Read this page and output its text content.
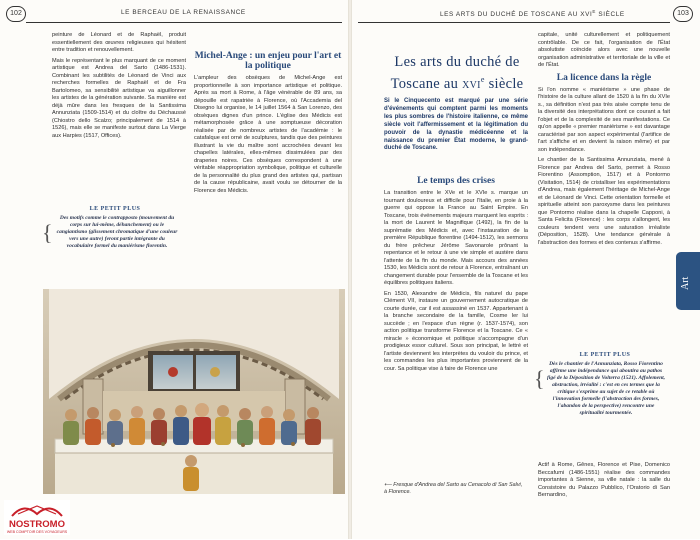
102	LE BERCEAU DE LA RENAISSANCE	103
LES ARTS DU DUCHÉ DE TOSCANE AU $XVI^E$ SIÈCLE

peinture de Léonard et de Raphaël, produit essentiellement des œuvres religieuses qui hésitent entre tradition et renouvellement.

Mais le représentant le plus marquant de ce moment artistique est Andrea del Sarto (1486-1531). Combinant les subtilités de Léonard de Vinci aux recherches formelles de Raphaël et de Fra Bartolomeo, sa sensibilité artistique va aiguillonner les artistes de la génération suivante. Sa manière est déjà mûre dans les fresques de la Santissima Annunziata (1509-1514) et du cloître du Déchaussé (Chiostro dello Scalzo; principalement de 1514 à 1526), mais elle se manifeste surtout dans La Vierge aux Harpies (1517, Offices).

LE PETIT PLUS
{
Des motifs comme le contrapposto (mouvement du corps sur lui-même, déhanchement) ou le cangiantismo (glissement chromatique d'une couleur vers une autre) feront partie intégrante du vocabulaire formel du maniérisme florentin.
Michel-Ange : un enjeu pour l'art et la politique

L'ampleur des obsèques de Michel-Ange est proportionnelle à son importance artistique et politique. Après sa mort à Rome, à l'âge vénérable de 89 ans, sa dépouille est rapatriée à Florence, où l'Accademia del Disegno lui organise, le 14 juillet 1564 à San Lorenzo, des obsèques dignes d'un prince. L'église des Médicis est métamorphosée grâce à une somptueuse décoration réalisée par de nombreux artistes de l'académie : le catafalque est orné de sculptures, tandis que des peintures illustrant la vie du maître sont accrochées devant les chapelles latérales, elles-mêmes dissimulées par des draperies noires. Ces obsèques correspondent à une véritable réappropriation symbolique, politique et culturelle de la personnalité du plus grand des artistes qui, partisan de la cause républicaine, avait voulu se détourner de la Florence des Médicis.

Les arts du duché de
Toscane au xvi$^e$ siècle
Si le Cinquecento est marqué par une série d'événements qui comptent parmi les moments les plus sombres de l'histoire italienne, ce même siècle voit l'affermissement et la légitimation du pouvoir de la dynastie médicéenne et la naissance du premier État moderne, le grand-duché de Toscane.
Le temps des crises

La transition entre le XVe et le XVIe s. marque un tournant douloureux et difficile pour l'Italie, en proie à la guerre qui oppose la France au Saint Empire. En Toscane, trois événements majeurs marquent les esprits : la mort de Laurent le Magnifique (1492), la fin de la suprématie des Médicis et, avec l'instauration de la première République florentine (1494-1512), les sermons du frère prêcheur Jérôme Savonarole prônant la repentance et le retour à une vie simple et austère dans l'attente de la fin du monde. Mais accours des années 1530, les Médicis sont de retour à Florence, entraînant un changement durable pour l'ensemble de la Toscane et les équilibres politiques italiens.

En 1530, Alexandre de Médicis, fils naturel du pape Clément VII, instaure un gouvernement autocratique de courte durée, car il est assassiné en 1537. Appartenant à la branche secondaire de la famille, Cosme Ier lui succède ; en l'espace d'un règne (r. 1537-1574), son action politique transforme Florence et la Toscane. Ce « miracle » économique et politique s'accompagne d'un prodigieux essor culturel. Sous son principat, le lettré et l'artiste deviennent les interprètes du vouloir du prince, et les commandes les plus importantes proviennent de la cour. Sa politique vise à faire de Florence une

⟵ Fresque d'Andrea del Sarto au Cenacolo di San Salvi, à Florence.

capitale, unité culturellement et politiquement contrôlable. De ce fait, l'organisation de l'État absolutiste coïncide alors avec une nouvelle organisation administrative et territoriale de la ville et de l'État.

La licence dans la règle

Si l'on nomme « maniérisme » une phase de l'histoire de la culture allant de 1520 à la fin du XVIe s., sa définition n'est pas très aisée compte tenu de la diversité des interprétations dont ce courant a fait l'objet et de la complexité de ses manifestations. Ce qu'on appelle « premier maniérisme » est davantage caractérisé par son aspect expérimental (l'artifice de l'art s'affiche et en devient la raison même) et par son indépendance.

Le chantier de la Santissima Annunziata, mené à Florence par Andrea del Sarto, permet à Rosso Fiorentino (Assomption, 1517) et à Pontormo (Visitation, 1514) de cristalliser les expérimentations d'Andrea, mais également l'héritage de Michel-Ange et de Léonard de Vinci. Cette orientation formelle et spirituelle atteint son paroxysme dans les peintures que Pontormo réalise dans la chapelle Capponi, à Santa Felicita (Florence) : les corps s'allongent, les couleurs tendent vers une saturation irréaliste (Déposition, 1528). Une tendance générale à l'abstraction des formes et des contenus s'affirme.

LE PETIT PLUS
{
Dès le chantier de l'Annunziata, Rosso Fiorentino affirme une indépendance qui aboutira au pathos figé de la Déposition de Volterra (1521). Affolement, abstraction, irréalité : c'est en ces termes que la critique s'exprime au sujet de ce retable où l'innovation formelle (l'abstraction des formes, l'abandon de la perspective) rencontre une spiritualité tourmentée.

Actif à Rome, Gênes, Florence et Pise, Domenico Beccafumi (1486-1551) réalise des commandes importantes à Sienne, sa ville natale : la salle du Consistoire du Palazzo Pubblico, l'Oratorio di San Bernardino,

Art
NOSTROMO
WEB COMPTOIR DES VOYAGEURS
